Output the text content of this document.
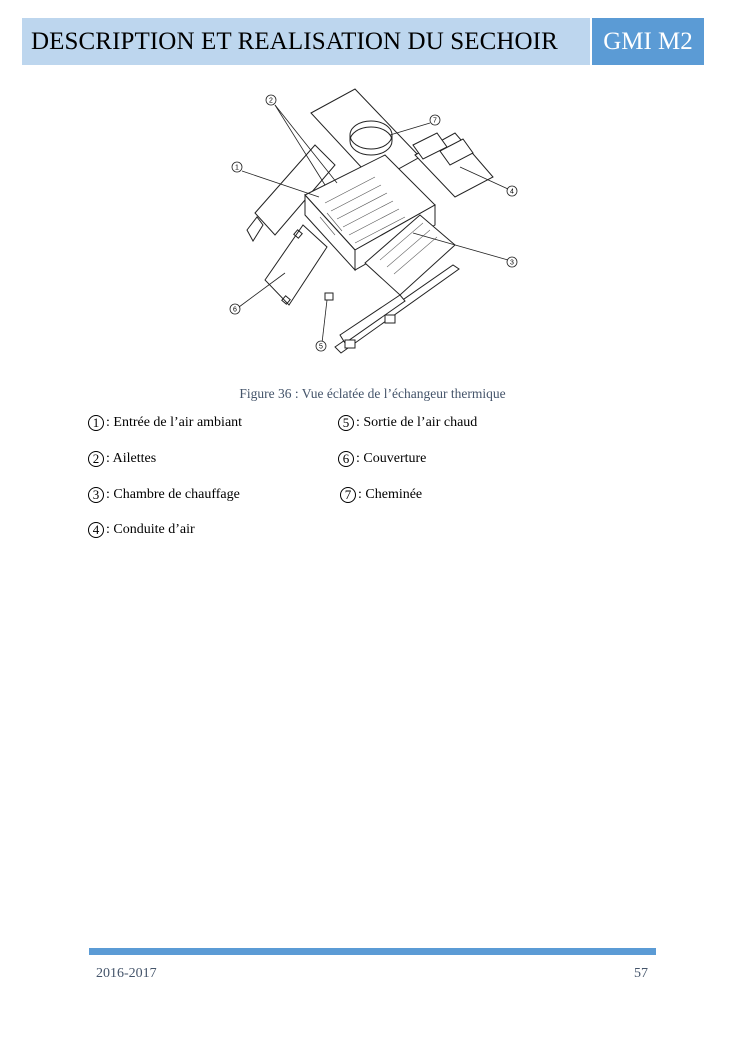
DESCRIPTION ET REALISATION DU SECHOIR GMI M2
1
2
3
4
5
6
7
Figure 36 : Vue éclatée de l’échangeur thermique
1 : Entrée de l’air ambiant
2 : Ailettes
3 : Chambre de chauffage
4 : Conduite d’air
5 : Sortie de l’air chaud
6 : Couverture
7 : Cheminée
2016-2017	57
